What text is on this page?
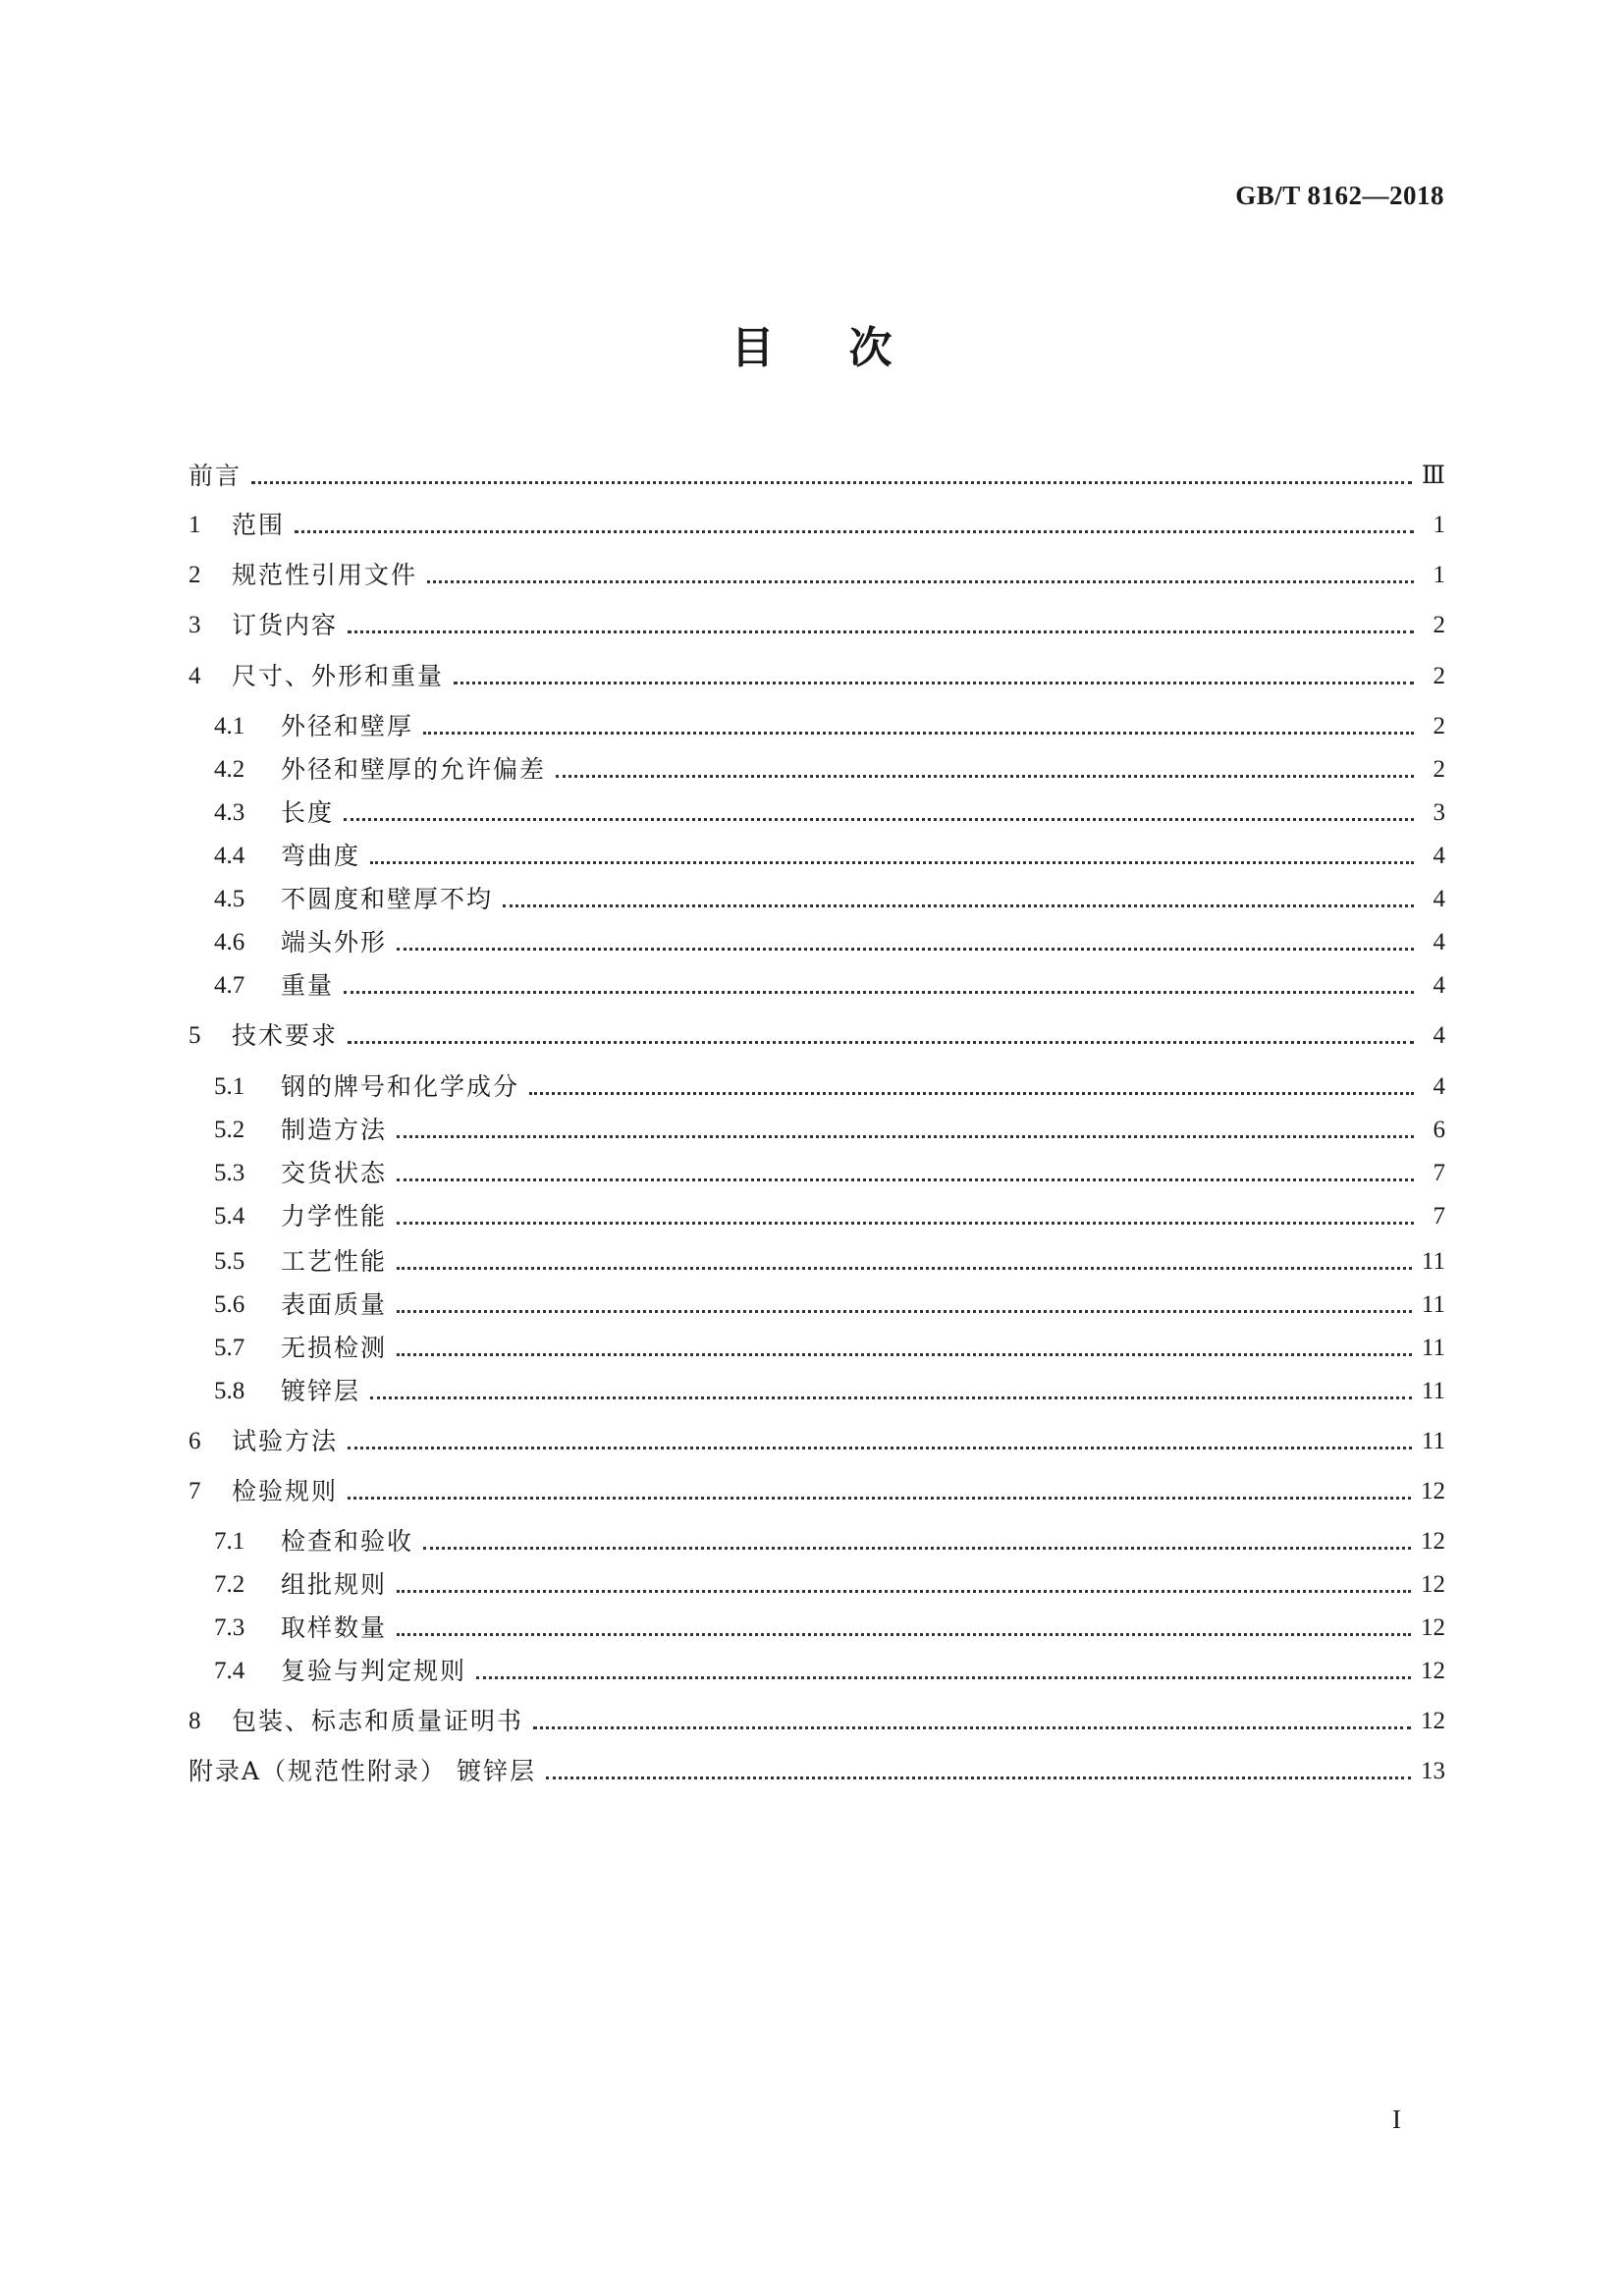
GB/T 8162—2018
目次
前言	Ⅲ
1	范围	1
2	规范性引用文件	1
3	订货内容	2
4	尺寸、外形和重量	2
4.1	外径和壁厚	2
4.2	外径和壁厚的允许偏差	2
4.3	长度	3
4.4	弯曲度	4
4.5	不圆度和壁厚不均	4
4.6	端头外形	4
4.7	重量	4
5	技术要求	4
5.1	钢的牌号和化学成分	4
5.2	制造方法	6
5.3	交货状态	7
5.4	力学性能	7
5.5	工艺性能	11
5.6	表面质量	11
5.7	无损检测	11
5.8	镀锌层	11
6	试验方法	11
7	检验规则	12
7.1	检查和验收	12
7.2	组批规则	12
7.3	取样数量	12
7.4	复验与判定规则	12
8	包装、标志和质量证明书	12
附录A（规范性附录） 镀锌层	13
I
